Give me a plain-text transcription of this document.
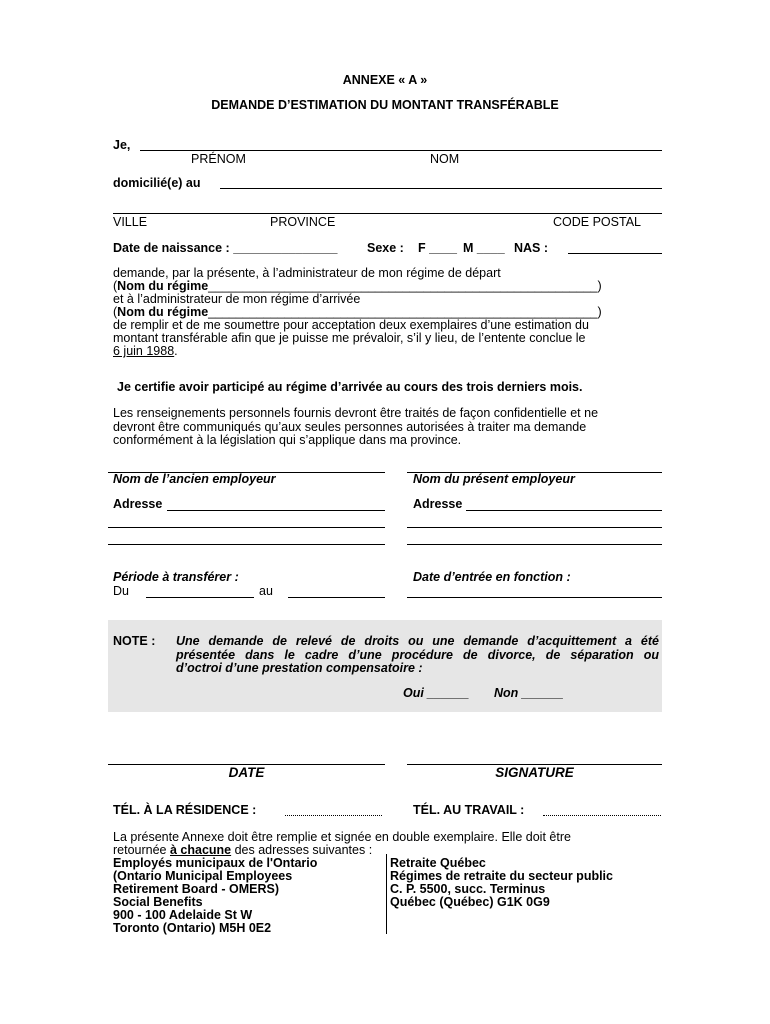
ANNEXE « A »
DEMANDE D’ESTIMATION DU MONTANT TRANSFÉRABLE
Je,
PRÉNOM	NOM
domicilié(e) au
VILLE	PROVINCE	CODE POSTAL
Date de naissance : _______________ Sexe : F ____ M ____ NAS :
demande, par la présente, à l’administrateur de mon régime de départ
(Nom du régime________________________________________________________)
et à l’administrateur de mon régime d’arrivée
(Nom du régime________________________________________________________)
de remplir et de me soumettre pour acceptation deux exemplaires d’une estimation du
montant transférable afin que je puisse me prévaloir, s’il y lieu, de l’entente conclue le
6 juin 1988.
Je certifie avoir participé au régime d’arrivée au cours des trois derniers mois.
Les renseignements personnels fournis devront être traités de façon confidentielle et ne
devront être communiqués qu’aux seules personnes autorisées à traiter ma demande
conformément à la législation qui s’applique dans ma province.
Nom de l’ancien employeur	Nom du présent employeur
Adresse	Adresse
Période à transférer :
Du	au
Date d’entrée en fonction :
NOTE : Une demande de relevé de droits ou une demande d’acquittement a été
présentée dans le cadre d’une procédure de divorce, de séparation ou
d’octroi d’une prestation compensatoire :
Oui ______ Non ______
DATE	SIGNATURE
TÉL. À LA RÉSIDENCE :	TÉL. AU TRAVAIL :
La présente Annexe doit être remplie et signée en double exemplaire. Elle doit être
retournée à chacune des adresses suivantes :
Employés municipaux de l'Ontario
(Ontario Municipal Employees
Retirement Board - OMERS)
Social Benefits
900 - 100 Adelaide St W
Toronto (Ontario) M5H 0E2
Retraite Québec
Régimes de retraite du secteur public
C. P. 5500, succ. Terminus
Québec (Québec) G1K 0G9
